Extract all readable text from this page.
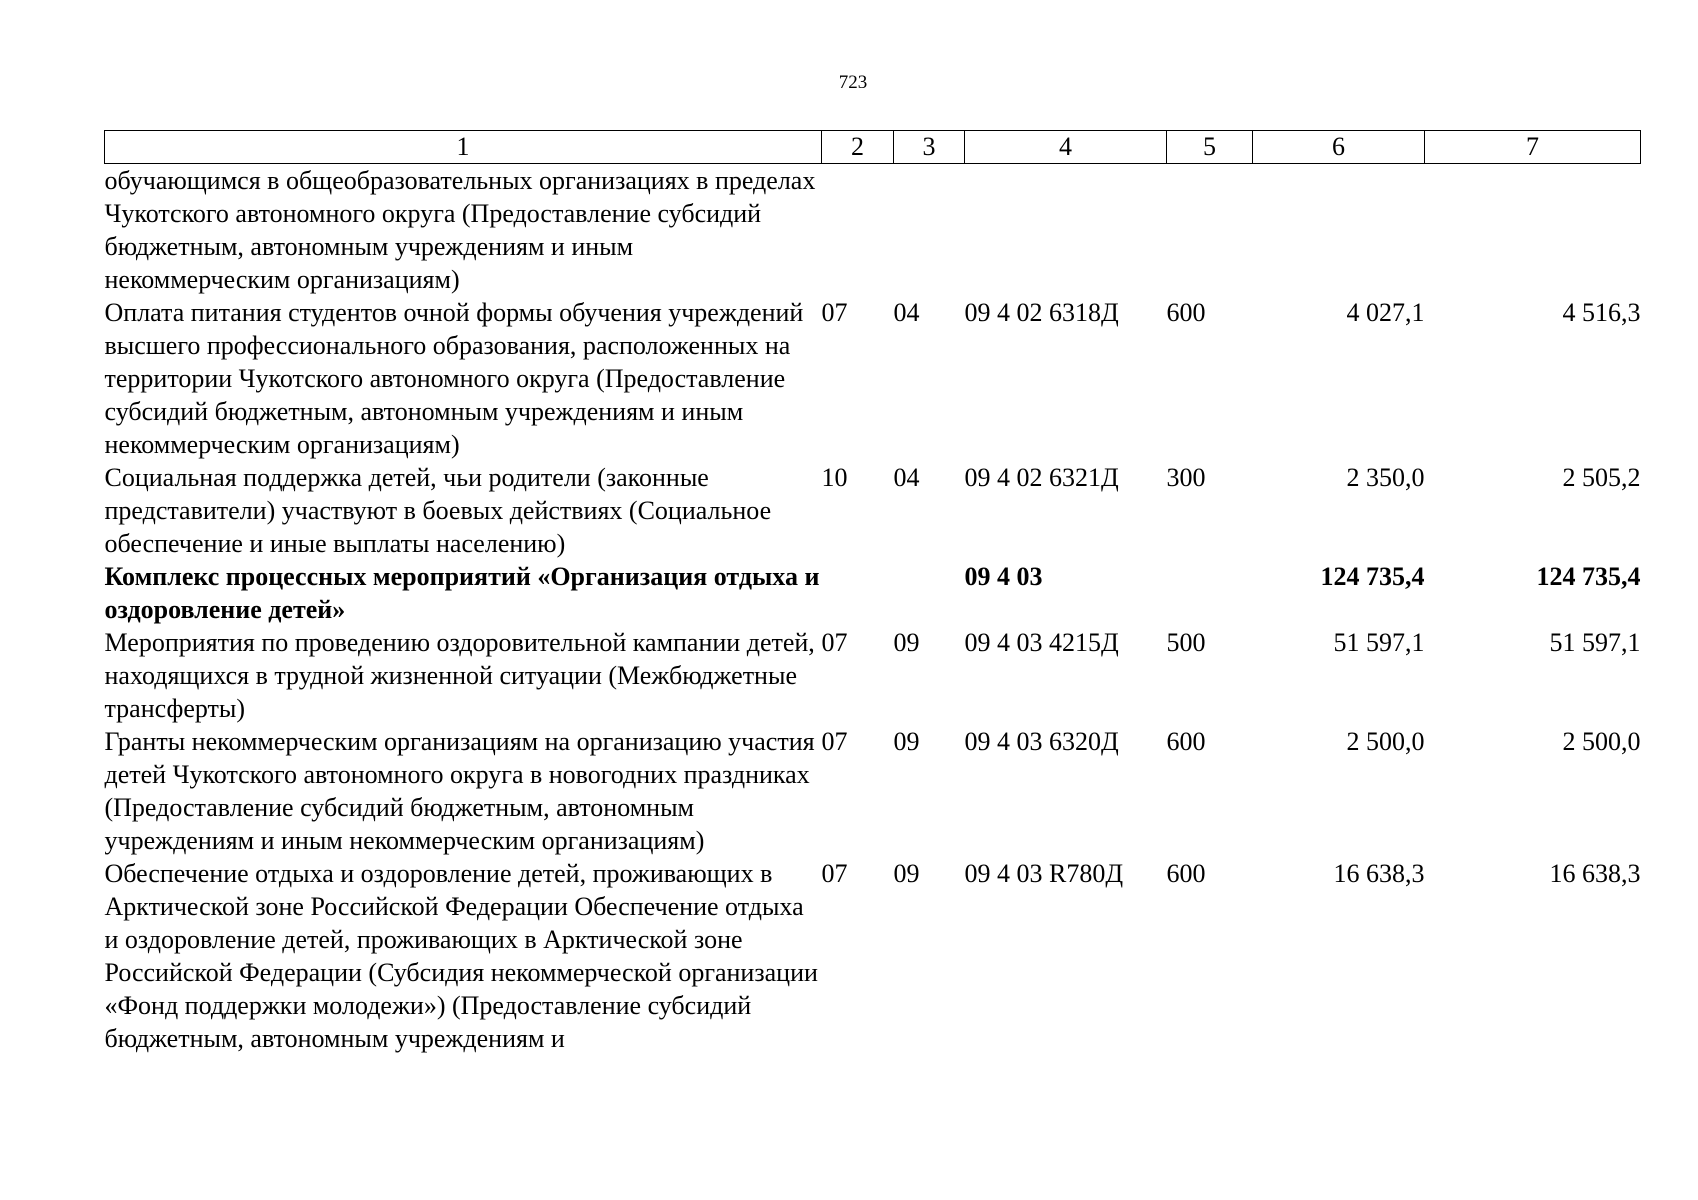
723
1	2	3	4	5	6	7
обучающимся в общеобразовательных организациях в пределах Чукотского автономного округа (Предоставление субсидий бюджетным, автономным учреждениям и иным некоммерческим организациям)						
Оплата питания студентов очной формы обучения учреждений высшего профессионального образования, расположенных на территории Чукотского автономного округа (Предоставление субсидий бюджетным, автономным учреждениям и иным некоммерческим организациям)	07	04	09 4 02 6318Д	600	4 027,1	4 516,3
Социальная поддержка детей, чьи родители (законные представители) участвуют в боевых действиях (Социальное обеспечение и иные выплаты населению)	10	04	09 4 02 6321Д	300	2 350,0	2 505,2
Комплекс процессных мероприятий «Организация отдыха и оздоровление детей»			09 4 03		124 735,4	124 735,4
Мероприятия по проведению оздоровительной кампании детей, находящихся в трудной жизненной ситуации (Межбюджетные трансферты)	07	09	09 4 03 4215Д	500	51 597,1	51 597,1
Гранты некоммерческим организациям на организацию участия детей Чукотского автономного округа в новогодних праздниках (Предоставление субсидий бюджетным, автономным учреждениям и иным некоммерческим организациям)	07	09	09 4 03 6320Д	600	2 500,0	2 500,0
Обеспечение отдыха и оздоровление детей, проживающих в Арктической зоне Российской Федерации Обеспечение отдыха и оздоровление детей, проживающих в Арктической зоне Российской Федерации (Субсидия некоммерческой организации «Фонд поддержки молодежи») (Предоставление субсидий бюджетным, автономным учреждениям и	07	09	09 4 03 R780Д	600	16 638,3	16 638,3
